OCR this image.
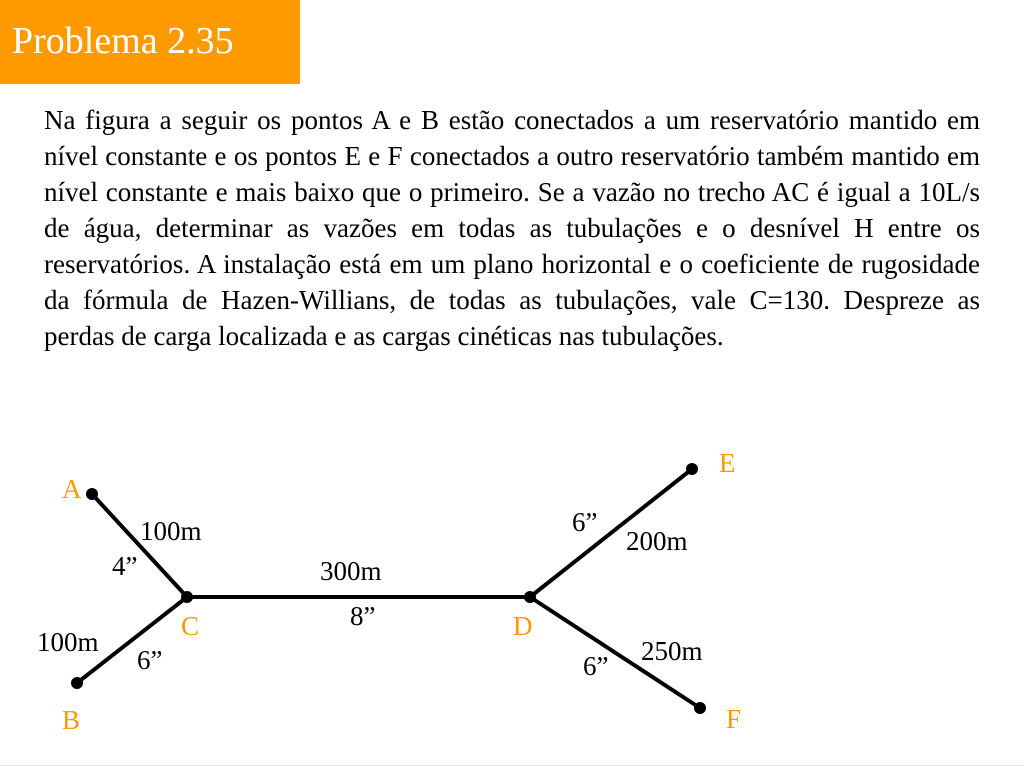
Problema 2.35

Na figura a seguir os pontos A e B estão conectados a um reservatório mantido em nível constante e os pontos E e F conectados a outro reservatório também mantido em nível constante e mais baixo que o primeiro. Se a vazão no trecho AC é igual a 10L/s de água, determinar as vazões em todas as tubulações e o desnível H entre os reservatórios. A instalação está em um plano horizontal e o coeficiente de rugosidade da fórmula de Hazen-Willians, de todas as tubulações, vale C=130. Despreze as perdas de carga localizada e as cargas cinéticas nas tubulações.

A
B
C	D
E
F
100m
100m
300m
200m
250m
4”
6”
8”
6”
6”
